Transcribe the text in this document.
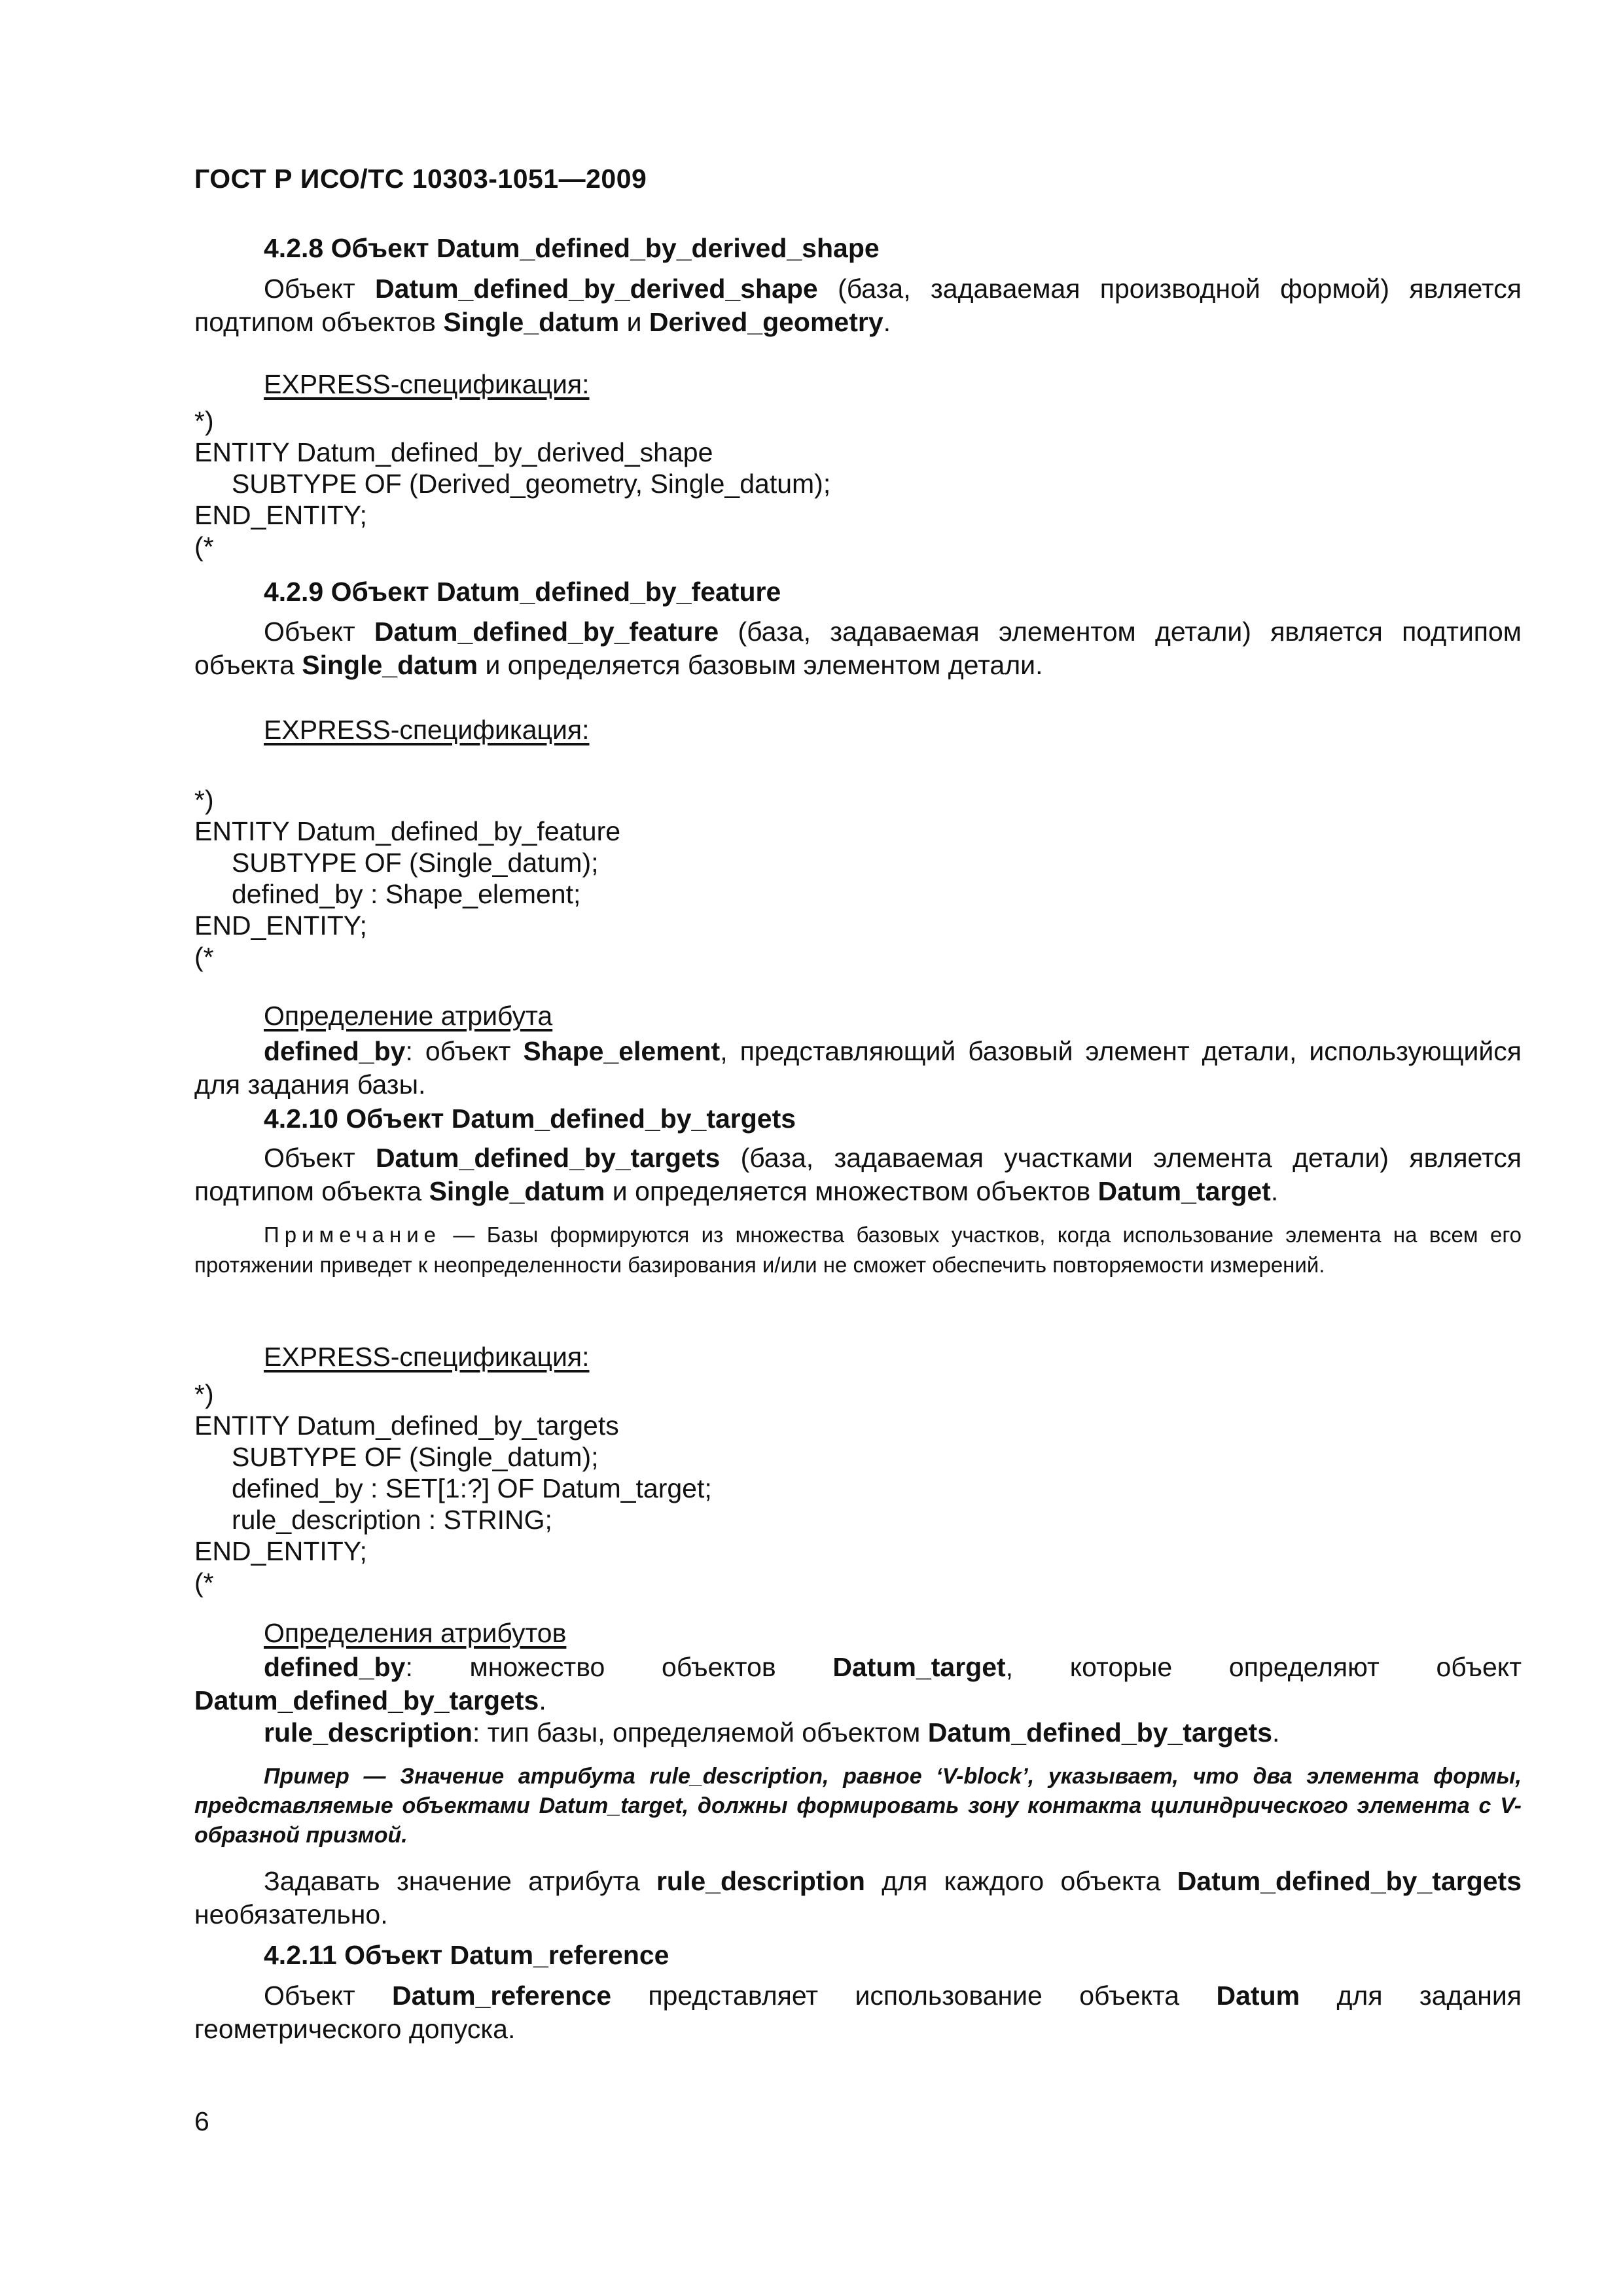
ГОСТ Р ИСО/ТС 10303-1051—2009
4.2.8 Объект Datum_defined_by_derived_shape

Объект Datum_defined_by_derived_shape (база, задаваемая производной формой) является подтипом объектов Single_datum и Derived_geometry.

EXPRESS-спецификация:
*)
ENTITY Datum_defined_by_derived_shape
SUBTYPE OF (Derived_geometry, Single_datum);
END_ENTITY;
(*
4.2.9 Объект Datum_defined_by_feature

Объект Datum_defined_by_feature (база, задаваемая элементом детали) является подтипом объекта Single_datum и определяется базовым элементом детали.

EXPRESS-спецификация:
*)
ENTITY Datum_defined_by_feature
SUBTYPE OF (Single_datum);
defined_by : Shape_element;
END_ENTITY;
(*
Определение атрибута

defined_by: объект Shape_element, представляющий базовый элемент детали, использующийся для задания базы.

4.2.10 Объект Datum_defined_by_targets

Объект Datum_defined_by_targets (база, задаваемая участками элемента детали) является подтипом объекта Single_datum и определяется множеством объектов Datum_target.

Примечание — Базы формируются из множества базовых участков, когда использование элемента на всем его протяжении приведет к неопределенности базирования и/или не сможет обеспечить повторяемости измерений.

EXPRESS-спецификация:
*)
ENTITY Datum_defined_by_targets
SUBTYPE OF (Single_datum);
defined_by : SET[1:?] OF Datum_target;
rule_description : STRING;
END_ENTITY;
(*
Определения атрибутов

defined_by: множество объектов Datum_target, которые определяют объект Datum_defined_by_targets.

rule_description: тип базы, определяемой объектом Datum_defined_by_targets.

Пример — Значение атрибута rule_description, равное ‘V-block’, указывает, что два элемента формы, представляемые объектами Datum_target, должны формировать зону контакта цилиндрического элемента с V-образной призмой.

Задавать значение атрибута rule_description для каждого объекта Datum_defined_by_targets необязательно.

4.2.11 Объект Datum_reference

Объект Datum_reference представляет использование объекта Datum для задания геометрического допуска.

6
